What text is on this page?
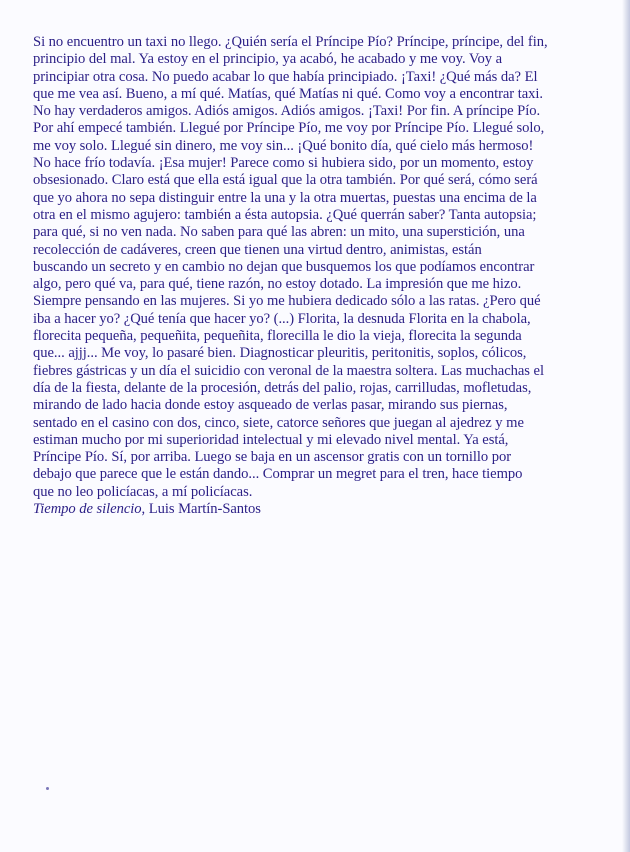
Si no encuentro un taxi no llego. ¿Quién sería el Príncipe Pío? Príncipe, príncipe, del fin,
principio del mal. Ya estoy en el principio, ya acabó, he acabado y me voy. Voy a
principiar otra cosa. No puedo acabar lo que había principiado. ¡Taxi! ¿Qué más da? El
que me vea así. Bueno, a mí qué. Matías, qué Matías ni qué. Como voy a encontrar taxi.
No hay verdaderos amigos. Adiós amigos. Adiós amigos. ¡Taxi! Por fin. A príncipe Pío.
Por ahí empecé también. Llegué por Príncipe Pío, me voy por Príncipe Pío. Llegué solo,
me voy solo. Llegué sin dinero, me voy sin... ¡Qué bonito día, qué cielo más hermoso!
No hace frío todavía. ¡Esa mujer! Parece como si hubiera sido, por un momento, estoy
obsesionado. Claro está que ella está igual que la otra también. Por qué será, cómo será
que yo ahora no sepa distinguir entre la una y la otra muertas, puestas una encima de la
otra en el mismo agujero: también a ésta autopsia. ¿Qué querrán saber? Tanta autopsia;
para qué, si no ven nada. No saben para qué las abren: un mito, una superstición, una
recolección de cadáveres, creen que tienen una virtud dentro, animistas, están
buscando un secreto y en cambio no dejan que busquemos los que podíamos encontrar
algo, pero qué va, para qué, tiene razón, no estoy dotado. La impresión que me hizo.
Siempre pensando en las mujeres. Si yo me hubiera dedicado sólo a las ratas. ¿Pero qué
iba a hacer yo? ¿Qué tenía que hacer yo? (...) Florita, la desnuda Florita en la chabola,
florecita pequeña, pequeñita, pequeñita, florecilla le dio la vieja, florecita la segunda
que... ajjj... Me voy, lo pasaré bien. Diagnosticar pleuritis, peritonitis, soplos, cólicos,
fiebres gástricas y un día el suicidio con veronal de la maestra soltera. Las muchachas el
día de la fiesta, delante de la procesión, detrás del palio, rojas, carrilludas, mofletudas,
mirando de lado hacia donde estoy asqueado de verlas pasar, mirando sus piernas,
sentado en el casino con dos, cinco, siete, catorce señores que juegan al ajedrez y me
estiman mucho por mi superioridad intelectual y mi elevado nivel mental. Ya está,
Príncipe Pío. Sí, por arriba. Luego se baja en un ascensor gratis con un tornillo por
debajo que parece que le están dando... Comprar un megret para el tren, hace tiempo
que no leo policíacas, a mí policíacas.
Tiempo de silencio, Luis Martín-Santos
